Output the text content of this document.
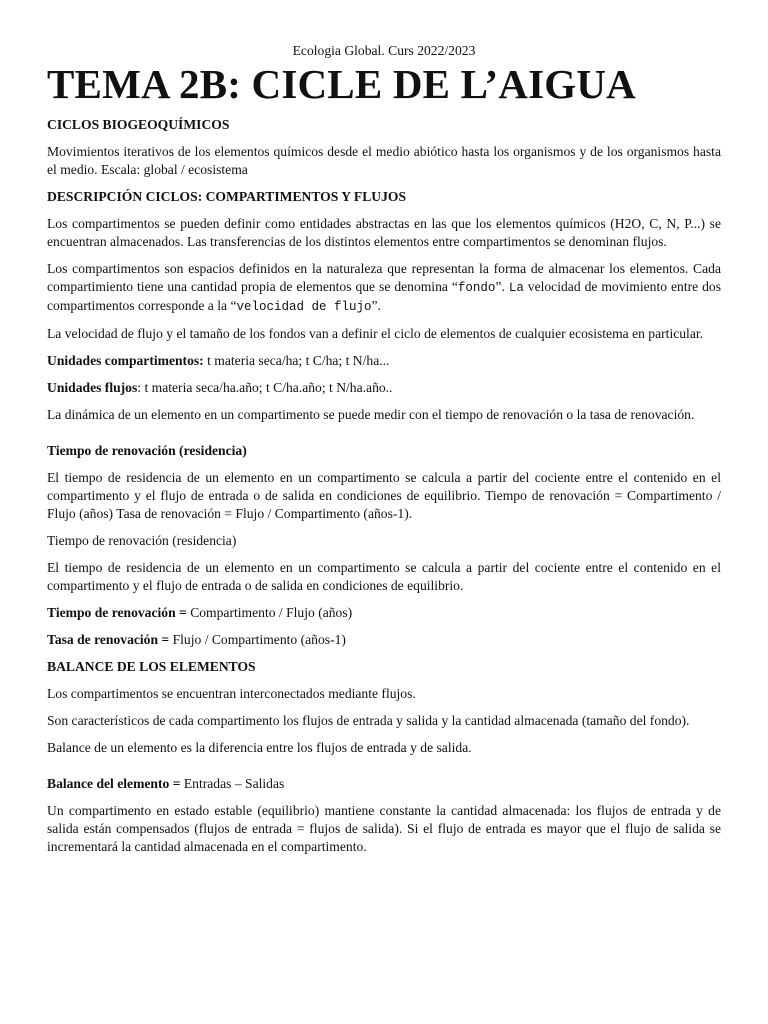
Ecologia Global. Curs 2022/2023
TEMA 2B: CICLE DE L’AIGUA
CICLOS BIOGEOQUÍMICOS

Movimientos iterativos de los elementos químicos desde el medio abiótico hasta los organismos y de los organismos hasta el medio. Escala: global / ecosistema

DESCRIPCIÓN CICLOS: COMPARTIMENTOS Y FLUJOS

Los compartimentos se pueden definir como entidades abstractas en las que los elementos químicos (H2O, C, N, P...) se encuentran almacenados. Las transferencias de los distintos elementos entre compartimentos se denominan flujos.

Los compartimentos son espacios definidos en la naturaleza que representan la forma de almacenar los elementos. Cada compartimiento tiene una cantidad propia de elementos que se denomina “fondo”. La velocidad de movimiento entre dos compartimentos corresponde a la “velocidad de flujo”.

La velocidad de flujo y el tamaño de los fondos van a definir el ciclo de elementos de cualquier ecosistema en particular.

Unidades compartimentos: t materia seca/ha; t C/ha; t N/ha...

Unidades flujos: t materia seca/ha.año; t C/ha.año; t N/ha.año..

La dinámica de un elemento en un compartimento se puede medir con el tiempo de renovación o la tasa de renovación.

Tiempo de renovación (residencia)

El tiempo de residencia de un elemento en un compartimento se calcula a partir del cociente entre el contenido en el compartimento y el flujo de entrada o de salida en condiciones de equilibrio. Tiempo de renovación = Compartimento / Flujo (años) Tasa de renovación = Flujo / Compartimento (años-1).

Tiempo de renovación (residencia)

El tiempo de residencia de un elemento en un compartimento se calcula a partir del cociente entre el contenido en el compartimento y el flujo de entrada o de salida en condiciones de equilibrio.

Tiempo de renovación = Compartimento / Flujo (años)

Tasa de renovación = Flujo / Compartimento (años-1)

BALANCE DE LOS ELEMENTOS

Los compartimentos se encuentran interconectados mediante flujos.

Son característicos de cada compartimento los flujos de entrada y salida y la cantidad almacenada (tamaño del fondo).

Balance de un elemento es la diferencia entre los flujos de entrada y de salida.

Balance del elemento = Entradas – Salidas

Un compartimento en estado estable (equilibrio) mantiene constante la cantidad almacenada: los flujos de entrada y de salida están compensados (flujos de entrada = flujos de salida). Si el flujo de entrada es mayor que el flujo de salida se incrementará la cantidad almacenada en el compartimento.
